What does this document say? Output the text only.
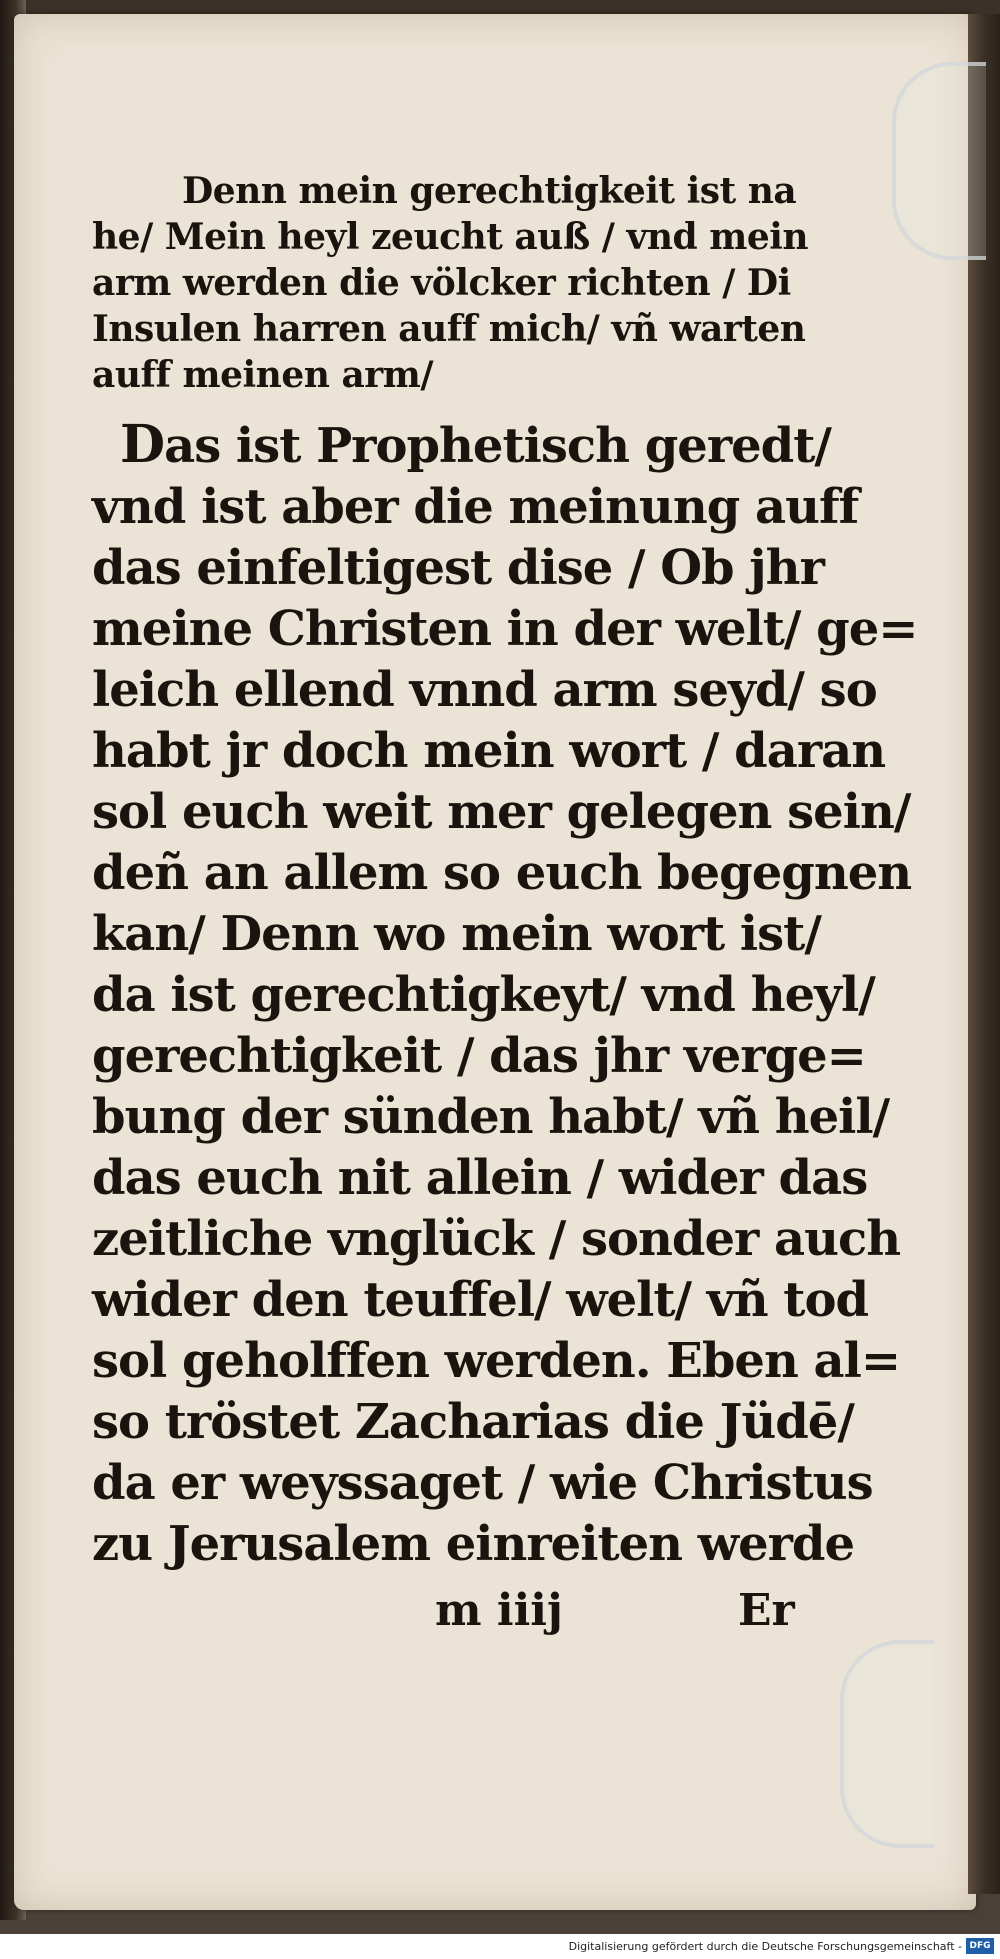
Denn mein gerechtigkeit ist na
he/ Mein heyl zeucht auß / vnd mein
arm werden die völcker richten / Di
Insulen harren auff mich/ vñ warten
auff meinen arm/
Das ist Prophetisch geredt/
vnd ist aber die meinung auff
das einfeltigest dise / Ob jhr
meine Christen in der welt/ ge=
leich ellend vnnd arm seyd/ so
habt jr doch mein wort / daran
sol euch weit mer gelegen sein/
deñ an allem so euch begegnen
kan/ Denn wo mein wort ist/
da ist gerechtigkeyt/ vnd heyl/
gerechtigkeit / das jhr verge=
bung der sünden habt/ vñ heil/
das euch nit allein / wider das
zeitliche vnglück / sonder auch
wider den teuffel/ welt/ vñ tod
sol geholffen werden. Eben al=
so tröstet Zacharias die Jüdē/
da er weyssaget / wie Christus
zu Jerusalem einreiten werde
m iiij	Er
Digitalisierung gefördert durch die Deutsche Forschungsgemeinschaft - DFG
